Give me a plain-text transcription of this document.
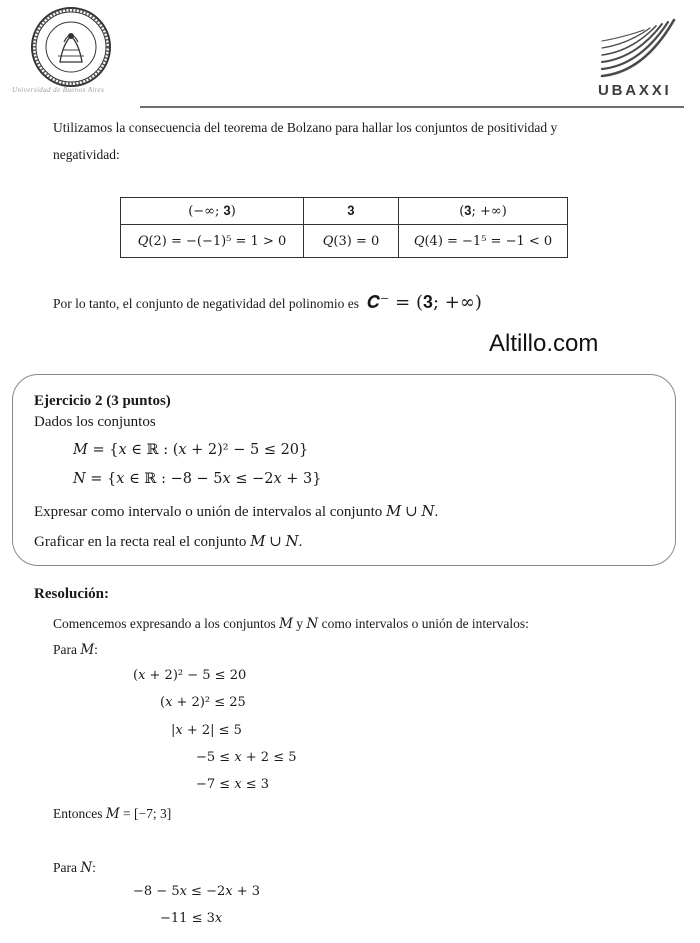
Universidad de Buenos Aires	UBAXXI
Utilizamos la consecuencia del teorema de Bolzano para hallar los conjuntos de positividad y
negatividad:
(−∞; 𝟑)	𝟑	(𝟑; +∞)
𝑄(2) = −(−1)⁵ = 1 > 0	𝑄(3) = 0	𝑄(4) = −1⁵ = −1 < 0
Por lo tanto, el conjunto de negatividad del polinomio es 𝑪⁻ = (𝟑; +∞)
Altillo.com
Ejercicio 2 (3 puntos)
Dados los conjuntos
𝑀 = {𝑥 ∈ ℝ : (𝑥 + 2)² − 5 ≤ 20}
𝑁 = {𝑥 ∈ ℝ : −8 − 5𝑥 ≤ −2𝑥 + 3}
Expresar como intervalo o unión de intervalos al conjunto 𝑀 ∪ 𝑁.
Graficar en la recta real el conjunto 𝑀 ∪ 𝑁.
Resolución:
Comencemos expresando a los conjuntos 𝑀 y 𝑁 como intervalos o unión de intervalos:
Para 𝑀:
(𝑥 + 2)² − 5 ≤ 20
(𝑥 + 2)² ≤ 25
|𝑥 + 2| ≤ 5
−5 ≤ 𝑥 + 2 ≤ 5
−7 ≤ 𝑥 ≤ 3
Entonces 𝑀 = [−7; 3]
Para 𝑁:
−8 − 5𝑥 ≤ −2𝑥 + 3
−11 ≤ 3𝑥
